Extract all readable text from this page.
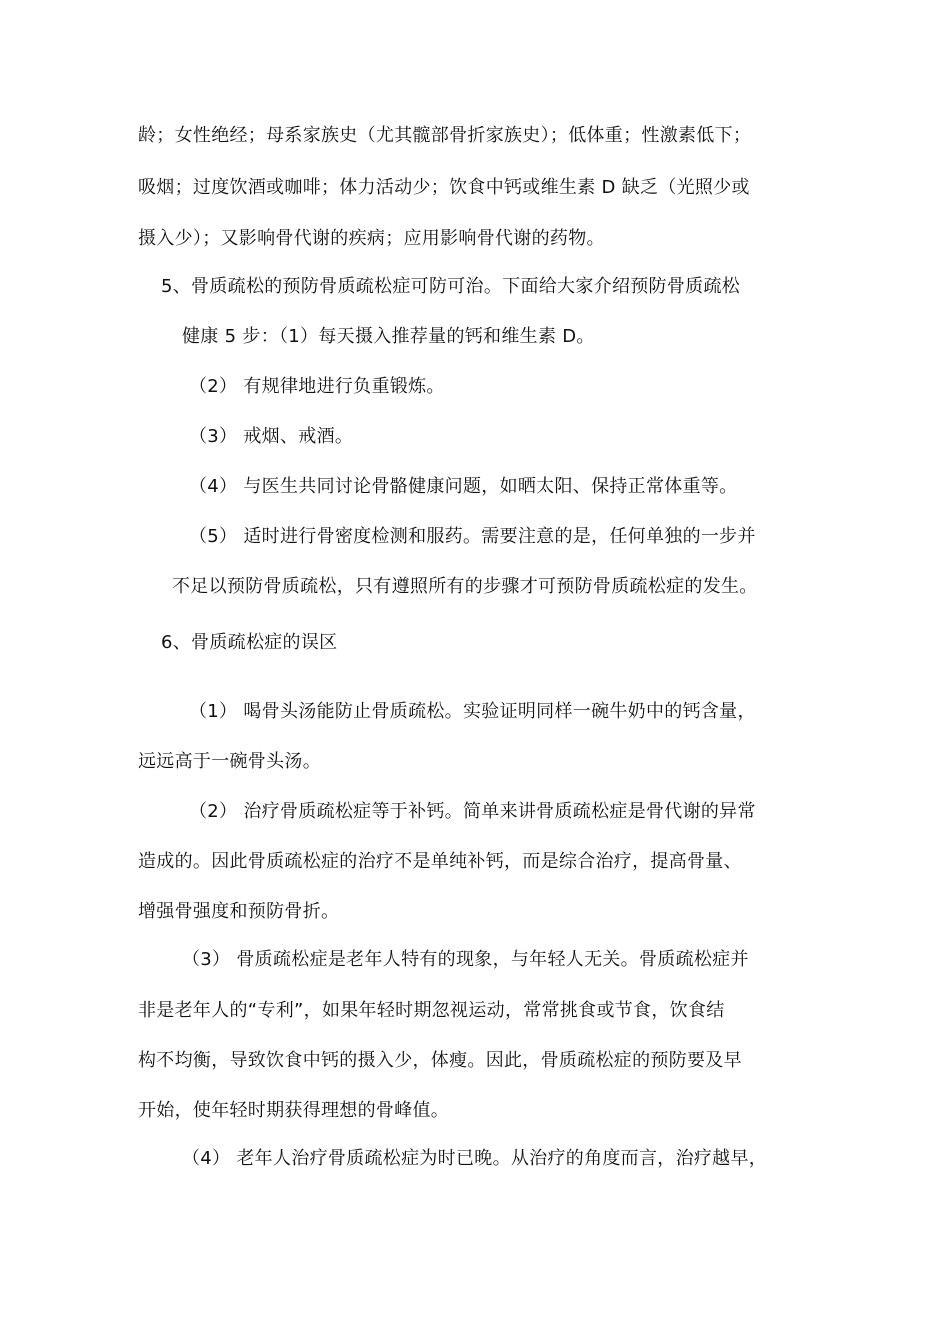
龄；女性绝经；母系家族史（尤其髋部骨折家族史）；低体重；性激素低下；
吸烟；过度饮酒或咖啡；体力活动少；饮食中钙或维生素 D 缺乏（光照少或
摄入少）；又影响骨代谢的疾病；应用影响骨代谢的药物。
5、骨质疏松的预防骨质疏松症可防可治。下面给大家介绍预防骨质疏松
健康 5 步：（1）每天摄入推荐量的钙和维生素 D。
（2） 有规律地进行负重锻炼。
（3） 戒烟、戒酒。
（4） 与医生共同讨论骨骼健康问题，如晒太阳、保持正常体重等。
（5） 适时进行骨密度检测和服药。需要注意的是，任何单独的一步并
不足以预防骨质疏松，只有遵照所有的步骤才可预防骨质疏松症的发生。
6、骨质疏松症的误区
（1） 喝骨头汤能防止骨质疏松。实验证明同样一碗牛奶中的钙含量，
远远高于一碗骨头汤。
（2） 治疗骨质疏松症等于补钙。简单来讲骨质疏松症是骨代谢的异常
造成的。因此骨质疏松症的治疗不是单纯补钙，而是综合治疗，提高骨量、
增强骨强度和预防骨折。
（3） 骨质疏松症是老年人特有的现象，与年轻人无关。骨质疏松症并
非是老年人的“专利”，如果年轻时期忽视运动，常常挑食或节食，饮食结
构不均衡，导致饮食中钙的摄入少，体瘦。因此，骨质疏松症的预防要及早
开始，使年轻时期获得理想的骨峰值。
（4） 老年人治疗骨质疏松症为时已晚。从治疗的角度而言，治疗越早，
